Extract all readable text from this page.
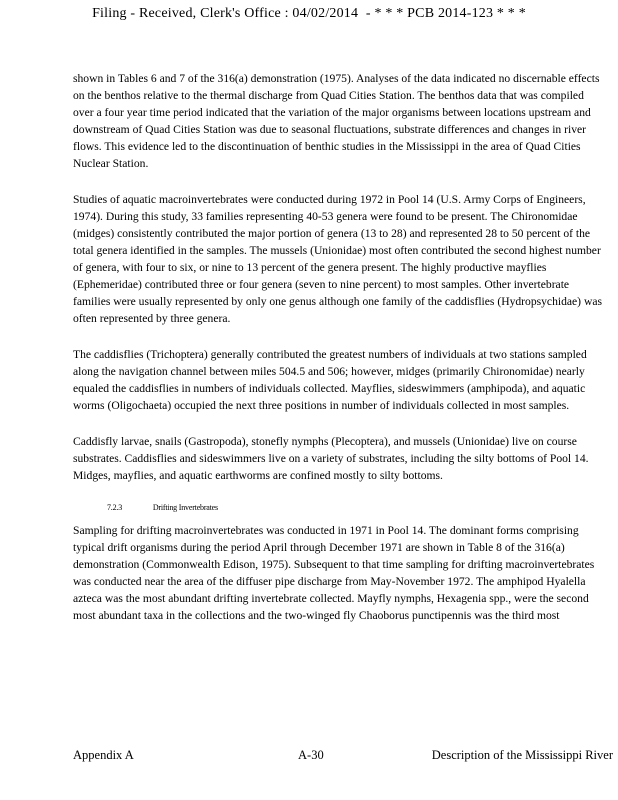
Filing - Received, Clerk's Office : 04/02/2014 - * * * PCB 2014-123 * * *

shown in Tables 6 and 7 of the 316(a) demonstration (1975). Analyses of the data indicated no discernable effects on the benthos relative to the thermal discharge from Quad Cities Station. The benthos data that was compiled over a four year time period indicated that the variation of the major organisms between locations upstream and downstream of Quad Cities Station was due to seasonal fluctuations, substrate differences and changes in river flows. This evidence led to the discontinuation of benthic studies in the Mississippi in the area of Quad Cities Nuclear Station.

Studies of aquatic macroinvertebrates were conducted during 1972 in Pool 14 (U.S. Army Corps of Engineers, 1974). During this study, 33 families representing 40-53 genera were found to be present. The Chironomidae (midges) consistently contributed the major portion of genera (13 to 28) and represented 28 to 50 percent of the total genera identified in the samples. The mussels (Unionidae) most often contributed the second highest number of genera, with four to six, or nine to 13 percent of the genera present. The highly productive mayflies (Ephemeridae) contributed three or four genera (seven to nine percent) to most samples. Other invertebrate families were usually represented by only one genus although one family of the caddisflies (Hydropsychidae) was often represented by three genera.

The caddisflies (Trichoptera) generally contributed the greatest numbers of individuals at two stations sampled along the navigation channel between miles 504.5 and 506; however, midges (primarily Chironomidae) nearly equaled the caddisflies in numbers of individuals collected. Mayflies, sideswimmers (amphipoda), and aquatic worms (Oligochaeta) occupied the next three positions in number of individuals collected in most samples.

Caddisfly larvae, snails (Gastropoda), stonefly nymphs (Plecoptera), and mussels (Unionidae) live on course substrates. Caddisflies and sideswimmers live on a variety of substrates, including the silty bottoms of Pool 14. Midges, mayflies, and aquatic earthworms are confined mostly to silty bottoms.

7.2.3	Drifting Invertebrates

Sampling for drifting macroinvertebrates was conducted in 1971 in Pool 14. The dominant forms comprising typical drift organisms during the period April through December 1971 are shown in Table 8 of the 316(a) demonstration (Commonwealth Edison, 1975). Subsequent to that time sampling for drifting macroinvertebrates was conducted near the area of the diffuser pipe discharge from May-November 1972. The amphipod Hyalella azteca was the most abundant drifting invertebrate collected. Mayfly nymphs, Hexagenia spp., were the second most abundant taxa in the collections and the two-winged fly Chaoborus punctipennis was the third most

Appendix A	A-30	Description of the Mississippi River
